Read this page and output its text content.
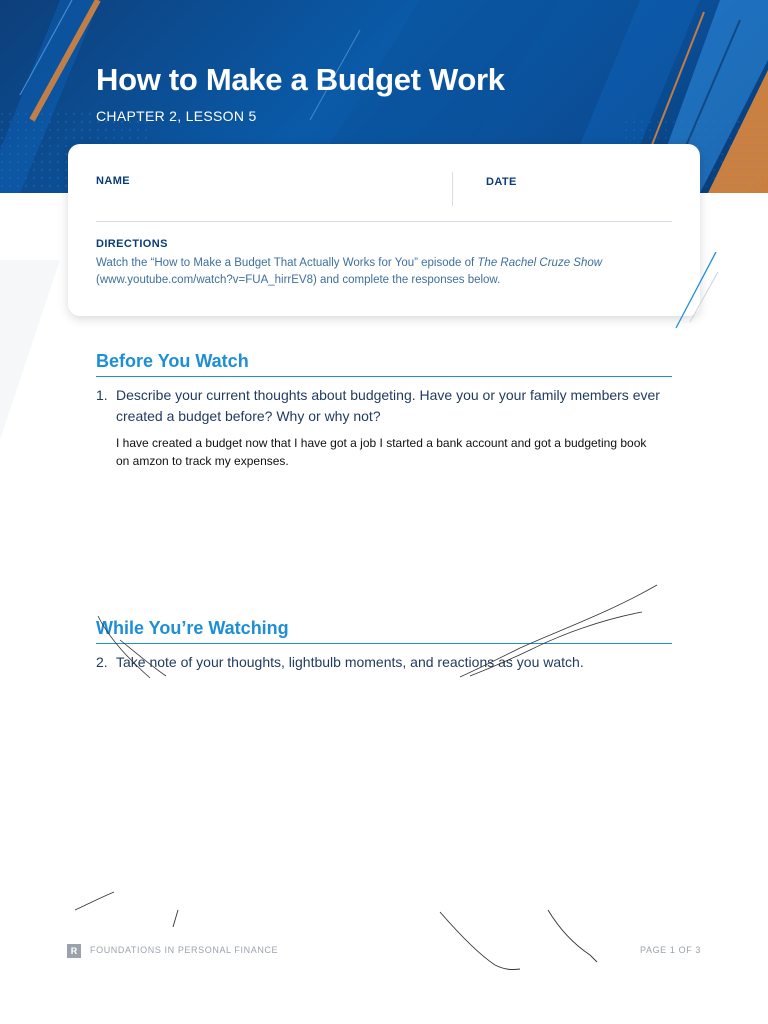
How to Make a Budget Work
CHAPTER 2, LESSON 5
NAME	DATE
DIRECTIONS
Watch the “How to Make a Budget That Actually Works for You” episode of The Rachel Cruze Show
(www.youtube.com/watch?v=FUA_hirrEV8) and complete the responses below.
Before You Watch
1. Describe your current thoughts about budgeting. Have you or your family members ever created a budget before? Why or why not?
I have created a budget now that I have got a job I started a bank account and got a budgeting book on amzon to track my expenses.
While You’re Watching
2. Take note of your thoughts, lightbulb moments, and reactions as you watch.
R	FOUNDATIONS IN PERSONAL FINANCE	PAGE 1 OF 3
